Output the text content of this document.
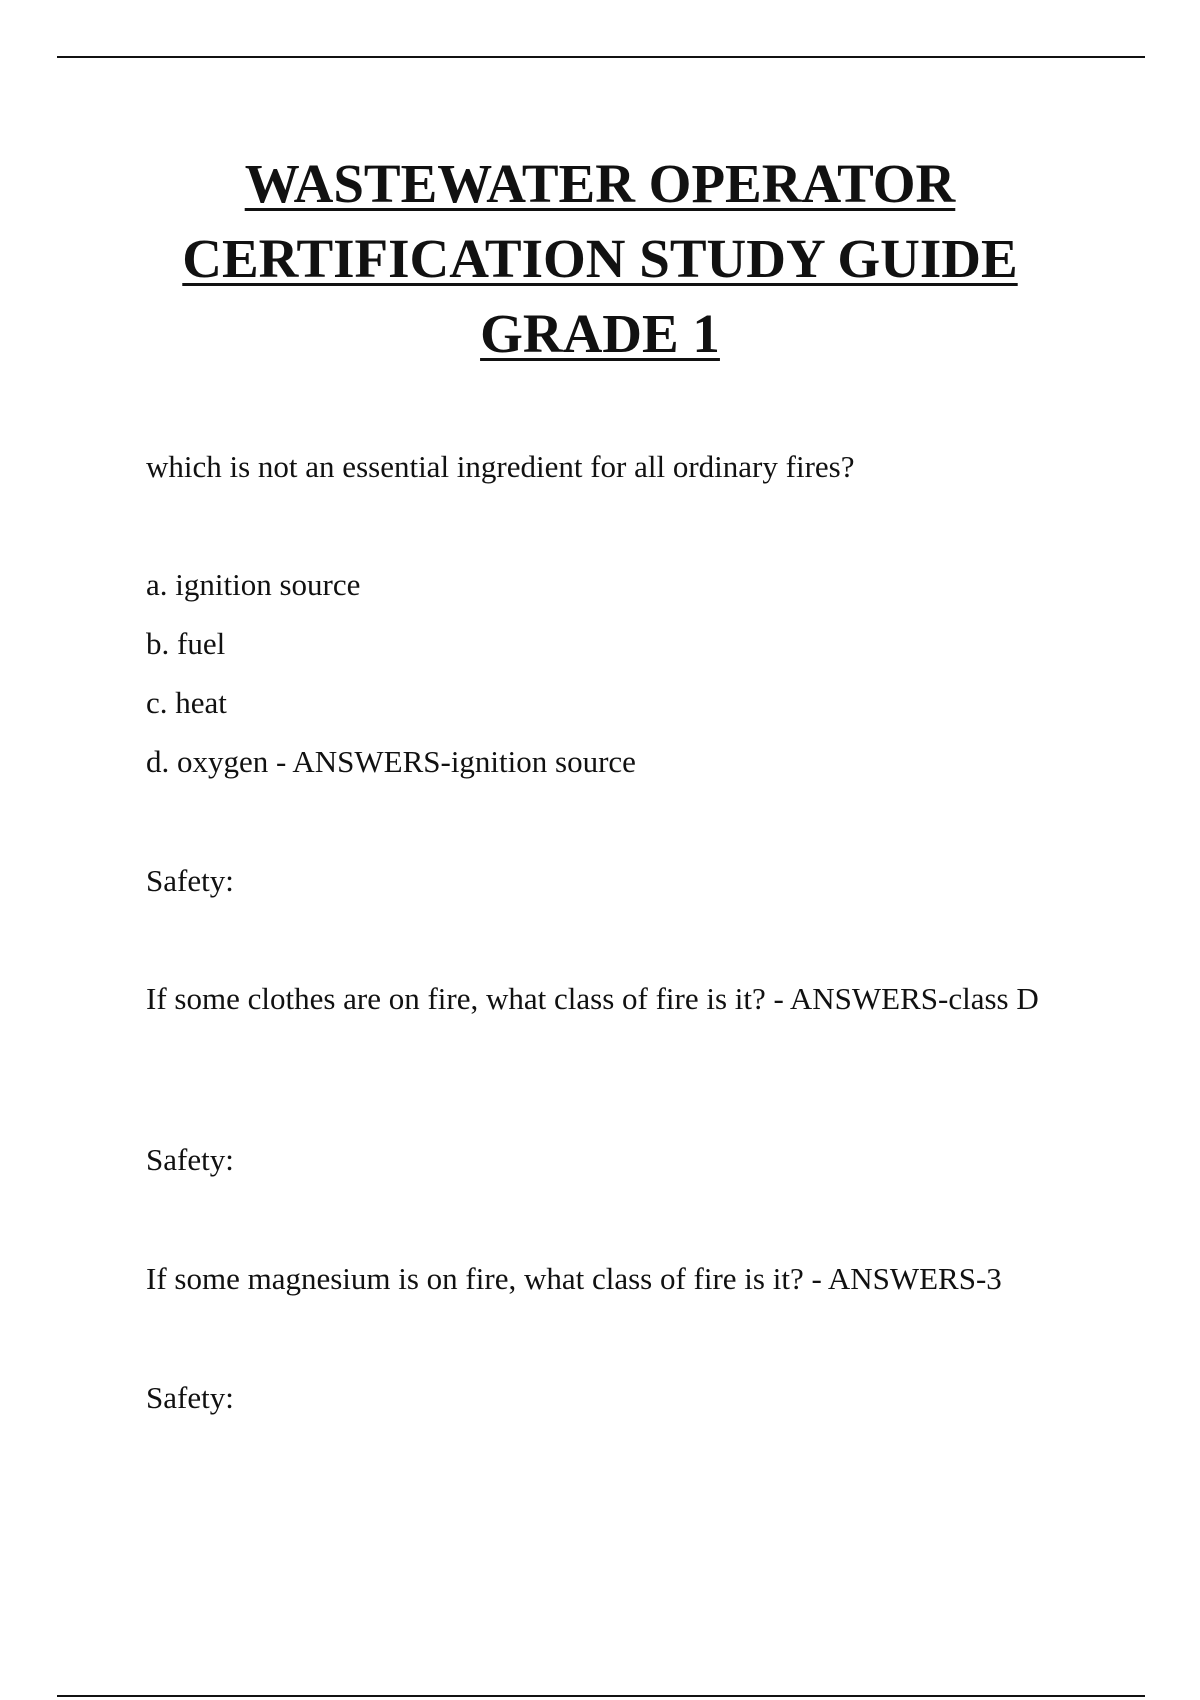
WASTEWATER OPERATOR
CERTIFICATION STUDY GUIDE
GRADE 1
which is not an essential ingredient for all ordinary fires?
a. ignition source
b. fuel
c. heat
d. oxygen - ANSWERS-ignition source
Safety:
If some clothes are on fire, what class of fire is it? - ANSWERS-class D
Safety:
If some magnesium is on fire, what class of fire is it? - ANSWERS-3
Safety:
